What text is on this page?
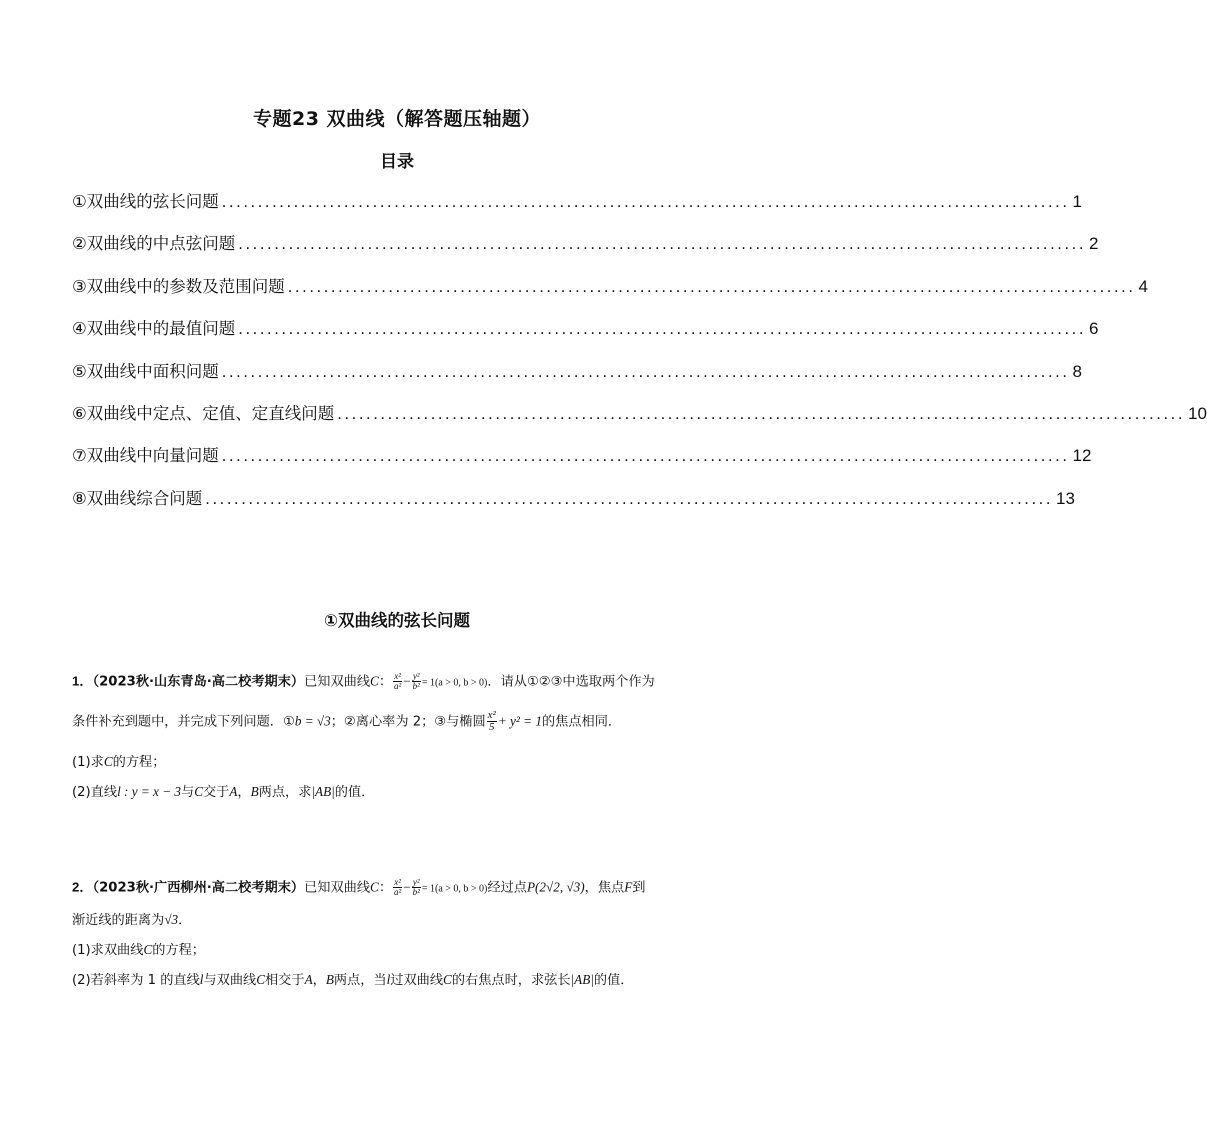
专题23 双曲线（解答题压轴题）
目录
①双曲线的弦长问题 ...................................................................................................................... 1
②双曲线的中点弦问题 ...................................................................................................................... 2
③双曲线中的参数及范围问题 ...................................................................................................................... 4
④双曲线中的最值问题 ...................................................................................................................... 6
⑤双曲线中面积问题 ...................................................................................................................... 8
⑥双曲线中定点、定值、定直线问题 ...................................................................................................................... 10
⑦双曲线中向量问题 ...................................................................................................................... 12
⑧双曲线综合问题 ...................................................................................................................... 13
①双曲线的弦长问题
1．（2023秋·山东青岛·高二校考期末）已知双曲线C： $\frac{\text{x²}}{\text{a²}} - \frac{\text{y²}}{\text{b²}} = 1(a > 0$, b > 0)．请从①②③中选取两个作为
条件补充到题中，并完成下列问题．①b = √3；②离心率为 2；③与椭圆 $\frac{\text{x²}}{5} + y^2 = 1$的焦点相同．
(1)求C的方程；
(2)直线l : y = x − 3与C交于A，B两点，求|AB|的值．
2．（2023秋·广西柳州·高二校考期末）已知双曲线C： $\frac{\text{x²}}{\text{a²}} - \frac{\text{y²}}{\text{b²}} = 1(a > 0$, b > 0)经过点P(2√2, √3)，焦点F到
渐近线的距离为√3．
(1)求双曲线C的方程；
(2)若斜率为 1 的直线l与双曲线C相交于A，B两点，当l过双曲线C的右焦点时，求弦长|AB|的值．
